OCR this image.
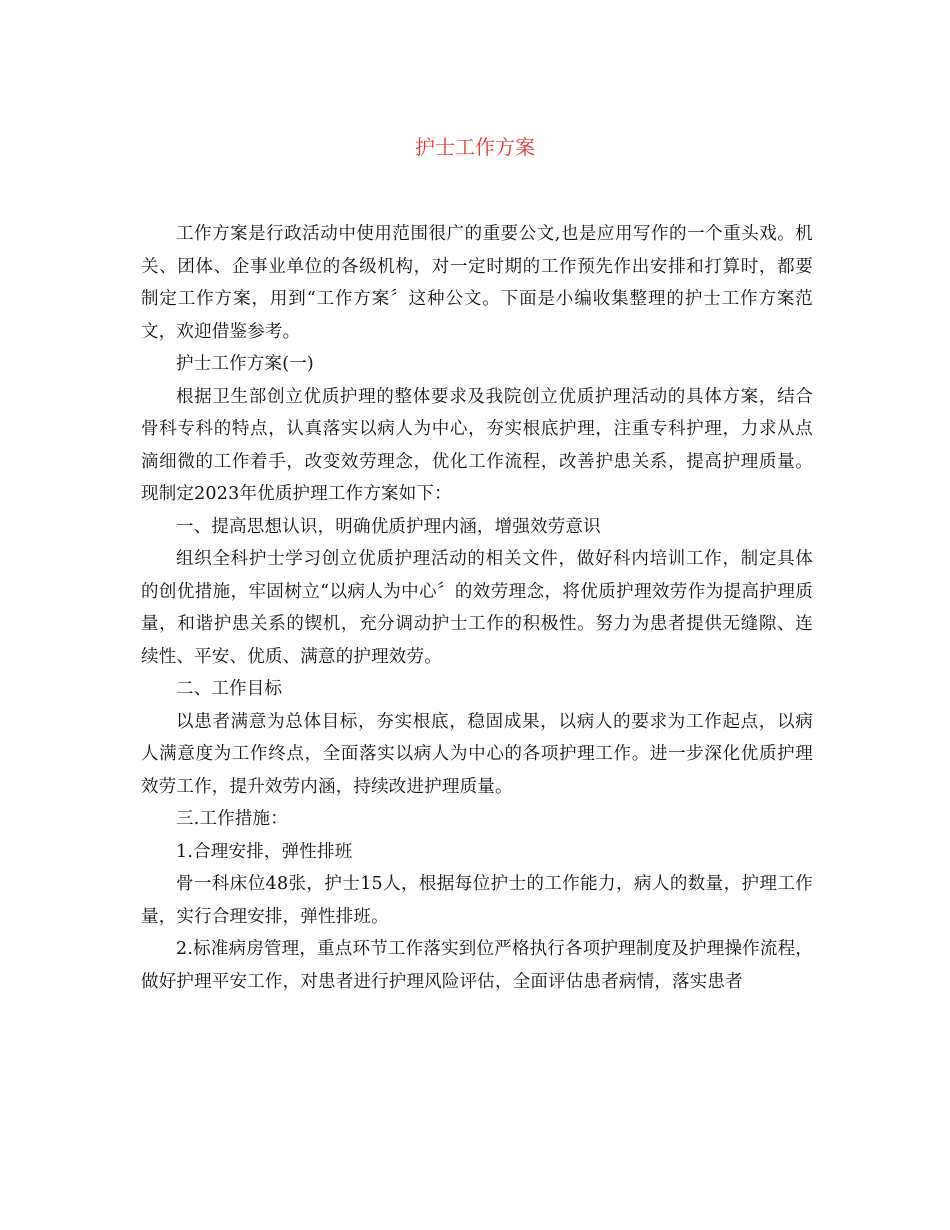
护士工作方案

工作方案是行政活动中使用范围很广的重要公文,也是应用写作的一个重头戏。机关、团体、企事业单位的各级机构，对一定时期的工作预先作出安排和打算时，都要制定工作方案，用到“工作方案〞这种公文。下面是小编收集整理的护士工作方案范文，欢迎借鉴参考。

护士工作方案(一)

根据卫生部创立优质护理的整体要求及我院创立优质护理活动的具体方案，结合骨科专科的特点，认真落实以病人为中心，夯实根底护理，注重专科护理，力求从点滴细微的工作着手，改变效劳理念，优化工作流程，改善护患关系，提高护理质量。现制定2023年优质护理工作方案如下：

一、提高思想认识，明确优质护理内涵，增强效劳意识

组织全科护士学习创立优质护理活动的相关文件，做好科内培训工作，制定具体的创优措施，牢固树立“以病人为中心〞的效劳理念，将优质护理效劳作为提高护理质量，和谐护患关系的锲机，充分调动护士工作的积极性。努力为患者提供无缝隙、连续性、平安、优质、满意的护理效劳。

二、工作目标

以患者满意为总体目标，夯实根底，稳固成果，以病人的要求为工作起点，以病人满意度为工作终点，全面落实以病人为中心的各项护理工作。进一步深化优质护理效劳工作，提升效劳内涵，持续改进护理质量。

三.工作措施：

1.合理安排，弹性排班

骨一科床位48张，护士15人，根据每位护士的工作能力，病人的数量，护理工作量，实行合理安排，弹性排班。

2.标准病房管理，重点环节工作落实到位严格执行各项护理制度及护理操作流程，做好护理平安工作，对患者进行护理风险评估，全面评估患者病情，落实患者
